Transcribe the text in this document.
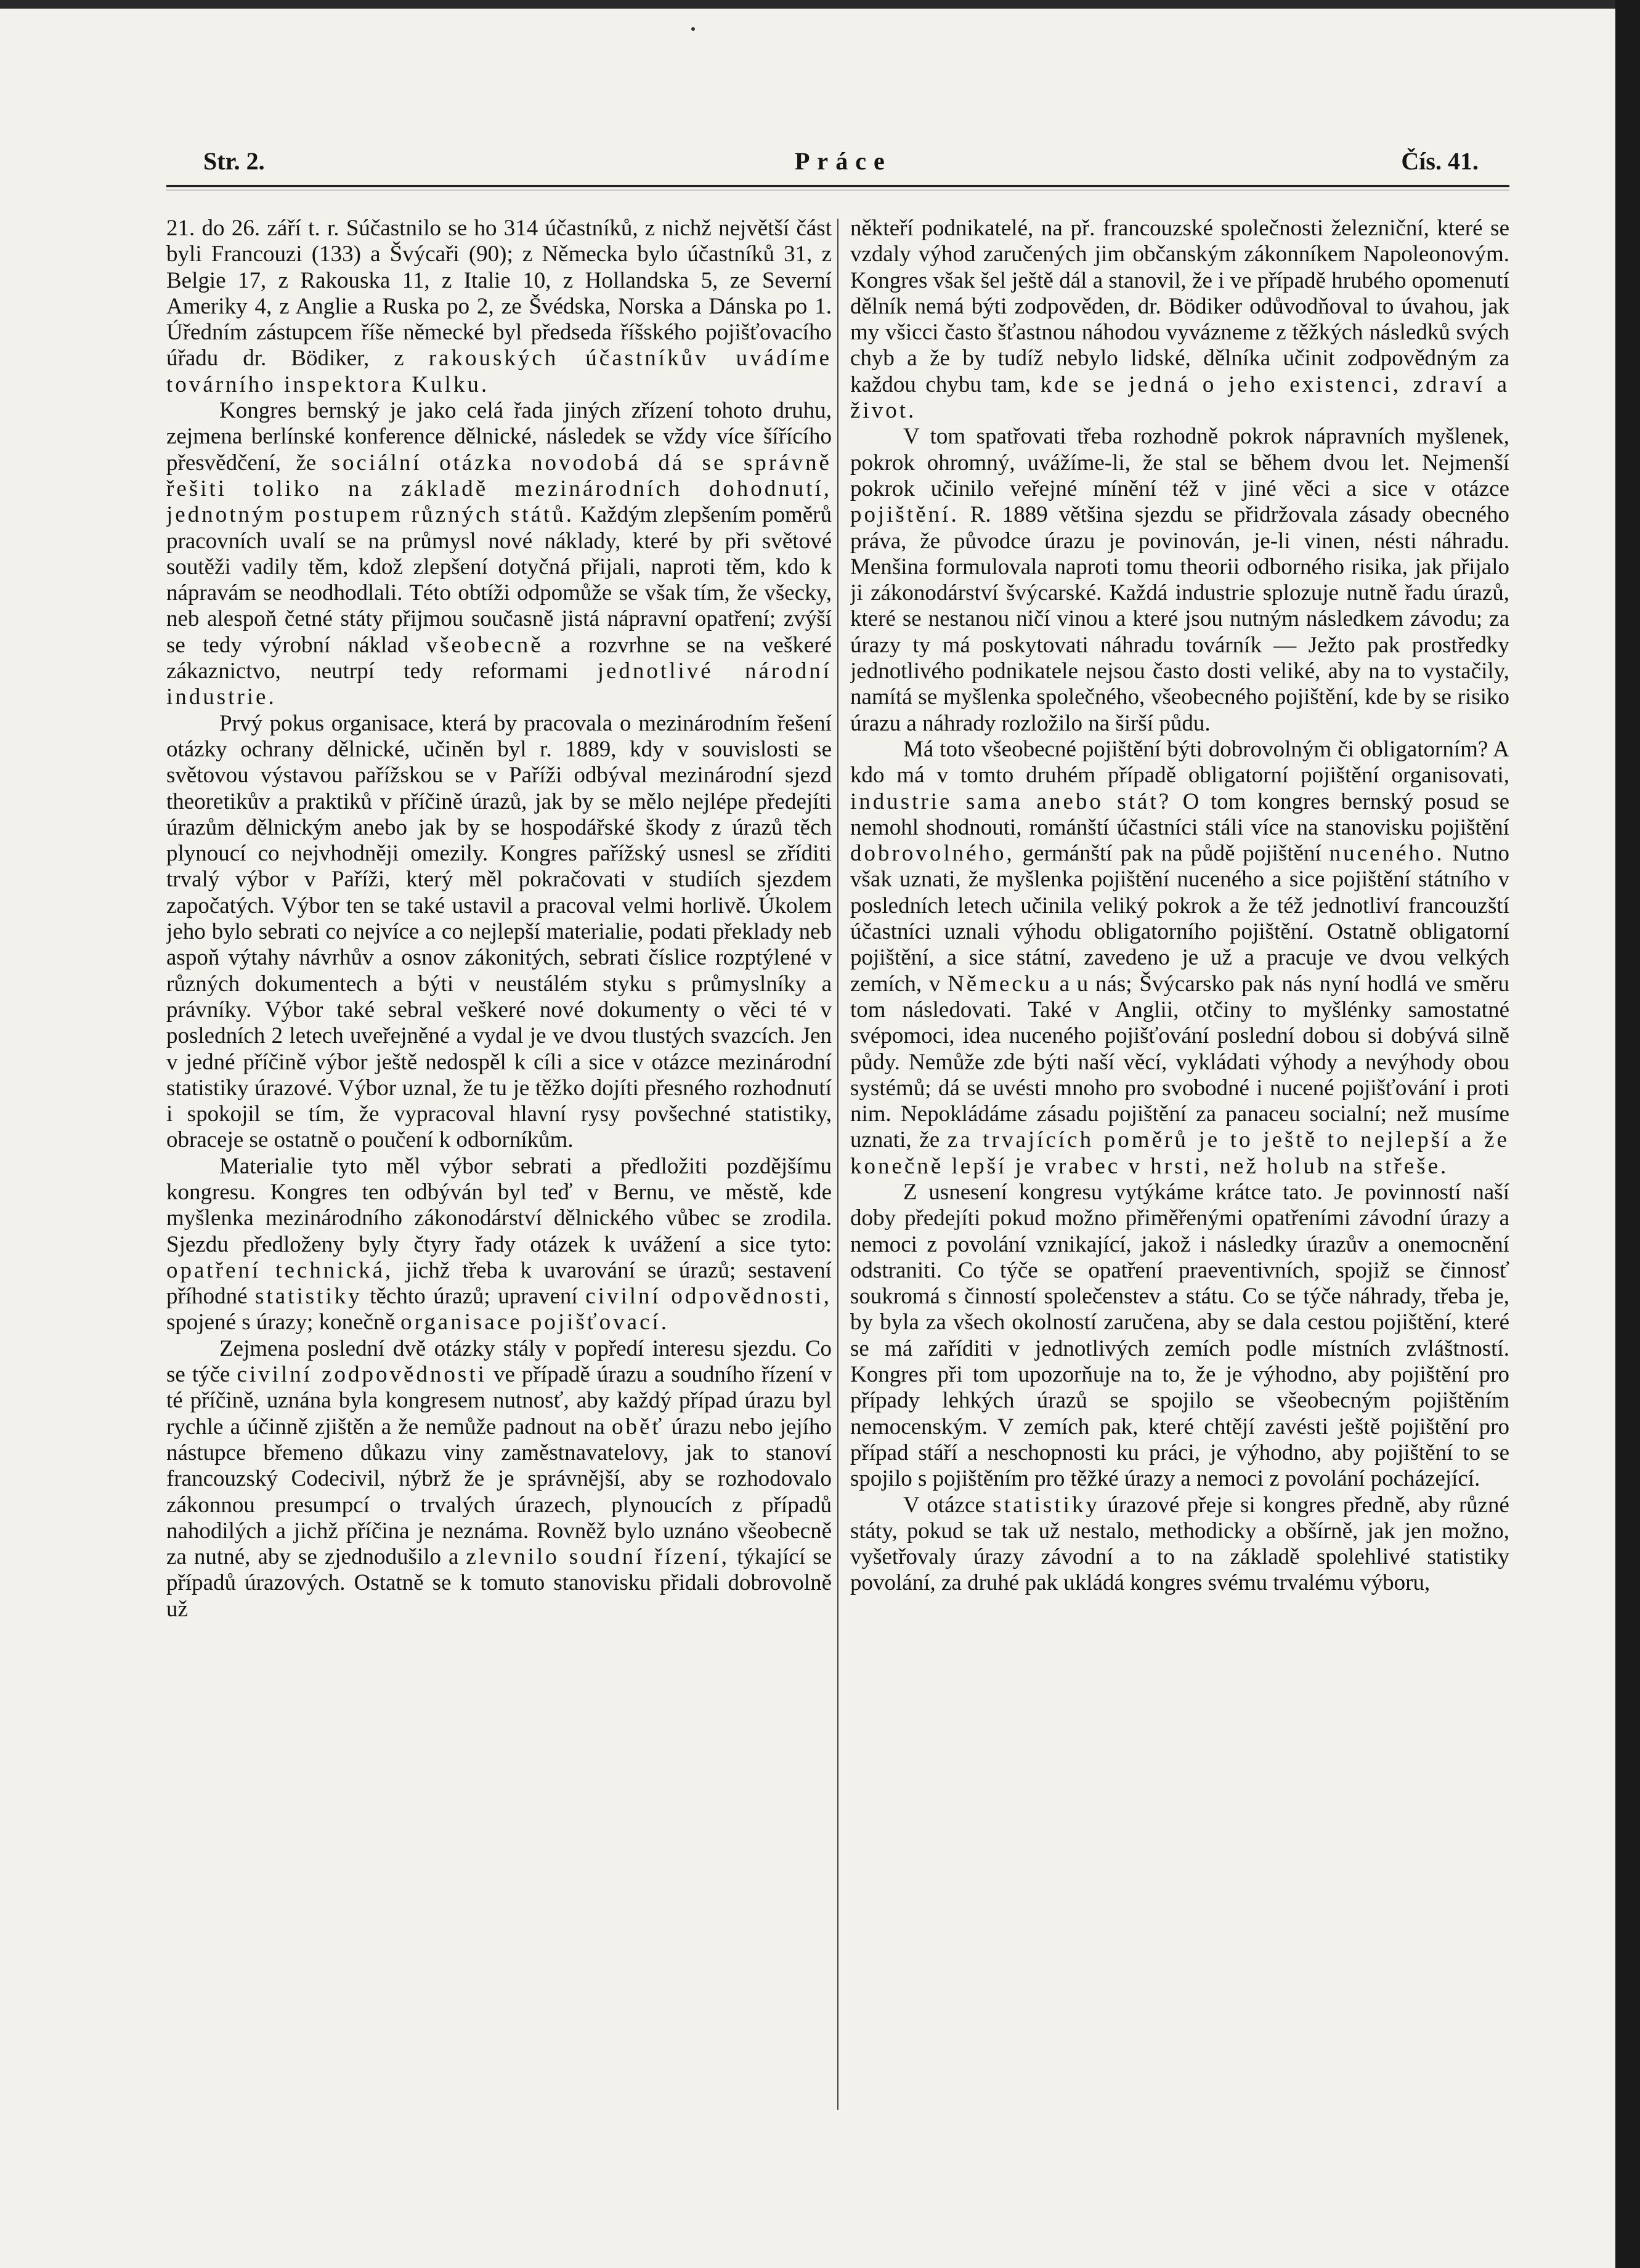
Str. 2.	Práce	Čís. 41.

21. do 26. září t. r. Súčastnilo se ho 314 účastníků, z nichž největší část byli Francouzi (133) a Švýcaři (90); z Německa bylo účastníků 31, z Belgie 17, z Rakouska 11, z Italie 10, z Hollandska 5, ze Severní Ameriky 4, z Anglie a Ruska po 2, ze Švédska, Norska a Dánska po 1. Úředním zástupcem říše německé byl předseda říšského pojišťovacího úřadu dr. Bödiker, z rakouských účastníkův uvádíme továrního inspektora Kulku.

Kongres bernský je jako celá řada jiných zřízení tohoto druhu, zejmena berlínské konference dělnické, následek se vždy více šířícího přesvědčení, že sociální otázka novodobá dá se správně řešiti toliko na základě mezinárodních dohodnutí, jednotným postupem různých států. Každým zlepšením poměrů pracovních uvalí se na průmysl nové náklady, které by při světové soutěži vadily těm, kdož zlepšení dotyčná přijali, naproti těm, kdo k nápravám se neodhodlali. Této obtíži odpomůže se však tím, že všecky, neb alespoň četné státy přijmou současně jistá nápravní opatření; zvýší se tedy výrobní náklad všeobecně a rozvrhne se na veškeré zákaznictvo, neutrpí tedy reformami jednotlivé národní industrie.

Prvý pokus organisace, která by pracovala o mezinárodním řešení otázky ochrany dělnické, učiněn byl r. 1889, kdy v souvislosti se světovou výstavou pařížskou se v Paříži odbýval mezinárodní sjezd theoretikův a praktiků v příčině úrazů, jak by se mělo nejlépe předejíti úrazům dělnickým anebo jak by se hospodářské škody z úrazů těch plynoucí co nejvhodněji omezily. Kongres pařížský usnesl se zříditi trvalý výbor v Paříži, který měl pokračovati v studiích sjezdem započatých. Výbor ten se také ustavil a pracoval velmi horlivě. Úkolem jeho bylo sebrati co nejvíce a co nejlepší materialie, podati překlady neb aspoň výtahy návrhův a osnov zákonitých, sebrati číslice rozptýlené v různých dokumentech a býti v neustálém styku s průmyslníky a právníky. Výbor také sebral veškeré nové dokumenty o věci té v posledních 2 letech uveřejněné a vydal je ve dvou tlustých svazcích. Jen v jedné příčině výbor ještě nedospěl k cíli a sice v otázce mezinárodní statistiky úrazové. Výbor uznal, že tu je těžko dojíti přesného rozhodnutí i spokojil se tím, že vypracoval hlavní rysy povšechné statistiky, obraceje se ostatně o poučení k odborníkům.

Materialie tyto měl výbor sebrati a předložiti pozdějšímu kongresu. Kongres ten odbýván byl teď v Bernu, ve městě, kde myšlenka mezinárodního zákonodárství dělnického vůbec se zrodila. Sjezdu předloženy byly čtyry řady otázek k uvážení a sice tyto: opatření technická, jichž třeba k uvarování se úrazů; sestavení příhodné statistiky těchto úrazů; upravení civilní odpovědnosti, spojené s úrazy; konečně organisace pojišťovací.

Zejmena poslední dvě otázky stály v popředí interesu sjezdu. Co se týče civilní zodpovědnosti ve případě úrazu a soudního řízení v té příčině, uznána byla kongresem nutnosť, aby každý případ úrazu byl rychle a účinně zjištěn a že nemůže padnout na oběť úrazu nebo jejího nástupce břemeno důkazu viny zaměstnavatelovy, jak to stanoví francouzský Codecivil, nýbrž že je správnější, aby se rozhodovalo zákonnou presumpcí o trvalých úrazech, plynoucích z případů nahodilých a jichž příčina je neznáma. Rovněž bylo uznáno všeobecně za nutné, aby se zjednodušilo a zlevnilo soudní řízení, týkající se případů úrazových. Ostatně se k tomuto stanovisku přidali dobrovolně už

někteří podnikatelé, na př. francouzské společnosti železniční, které se vzdaly výhod zaručených jim občanským zákonníkem Napoleonovým. Kongres však šel ještě dál a stanovil, že i ve případě hrubého opomenutí dělník nemá býti zodpověden, dr. Bödiker odůvodňoval to úvahou, jak my všicci často šťastnou náhodou vyvázneme z těžkých následků svých chyb a že by tudíž nebylo lidské, dělníka učinit zodpovědným za každou chybu tam, kde se jedná o jeho existenci, zdraví a život.

V tom spatřovati třeba rozhodně pokrok nápravních myšlenek, pokrok ohromný, uvážíme-li, že stal se během dvou let. Nejmenší pokrok učinilo veřejné mínění též v jiné věci a sice v otázce pojištění. R. 1889 většina sjezdu se přidržovala zásady obecného práva, že původce úrazu je povinován, je-li vinen, nésti náhradu. Menšina formulovala naproti tomu theorii odborného risika, jak přijalo ji zákonodárství švýcarské. Každá industrie splozuje nutně řadu úrazů, které se nestanou ničí vinou a které jsou nutným následkem závodu; za úrazy ty má poskytovati náhradu továrník — Ježto pak prostředky jednotlivého podnikatele nejsou často dosti veliké, aby na to vystačily, namítá se myšlenka společného, všeobecného pojištění, kde by se risiko úrazu a náhrady rozložilo na širší půdu.

Má toto všeobecné pojištění býti dobrovolným či obligatorním? A kdo má v tomto druhém případě obligatorní pojištění organisovati, industrie sama anebo stát? O tom kongres bernský posud se nemohl shodnouti, románští účastníci stáli více na stanovisku pojištění dobrovolného, germánští pak na půdě pojištění nuceného. Nutno však uznati, že myšlenka pojištění nuceného a sice pojištění státního v posledních letech učinila veliký pokrok a že též jednotliví francouzští účastníci uznali výhodu obligatorního pojištění. Ostatně obligatorní pojištění, a sice státní, zavedeno je už a pracuje ve dvou velkých zemích, v Německu a u nás; Švýcarsko pak nás nyní hodlá ve směru tom následovati. Také v Anglii, otčiny to myšlénky samostatné svépomoci, idea nuceného pojišťování poslední dobou si dobývá silně půdy. Nemůže zde býti naší věcí, vykládati výhody a nevýhody obou systémů; dá se uvésti mnoho pro svobodné i nucené pojišťování i proti nim. Nepokládáme zásadu pojištění za panaceu socialní; než musíme uznati, že za trvajících poměrů je to ještě to nejlepší a že konečně lepší je vrabec v hrsti, než holub na střeše.

Z usnesení kongresu vytýkáme krátce tato. Je povinností naší doby předejíti pokud možno přiměřenými opatřeními závodní úrazy a nemoci z povolání vznikající, jakož i následky úrazův a onemocnění odstraniti. Co týče se opatření praeventivních, spojiž se činnosť soukromá s činností společenstev a státu. Co se týče náhrady, třeba je, by byla za všech okolností zaručena, aby se dala cestou pojištění, které se má zaříditi v jednotlivých zemích podle místních zvláštností. Kongres při tom upozorňuje na to, že je výhodno, aby pojištění pro případy lehkých úrazů se spojilo se všeobecným pojištěním nemocenským. V zemích pak, které chtějí zavésti ještě pojištění pro případ stáří a neschopnosti ku práci, je výhodno, aby pojištění to se spojilo s pojištěním pro těžké úrazy a nemoci z povolání pocházející.

V otázce statistiky úrazové přeje si kongres předně, aby různé státy, pokud se tak už nestalo, methodicky a obšírně, jak jen možno, vyšetřovaly úrazy závodní a to na základě spolehlivé statistiky povolání, za druhé pak ukládá kongres svému trvalému výboru,
